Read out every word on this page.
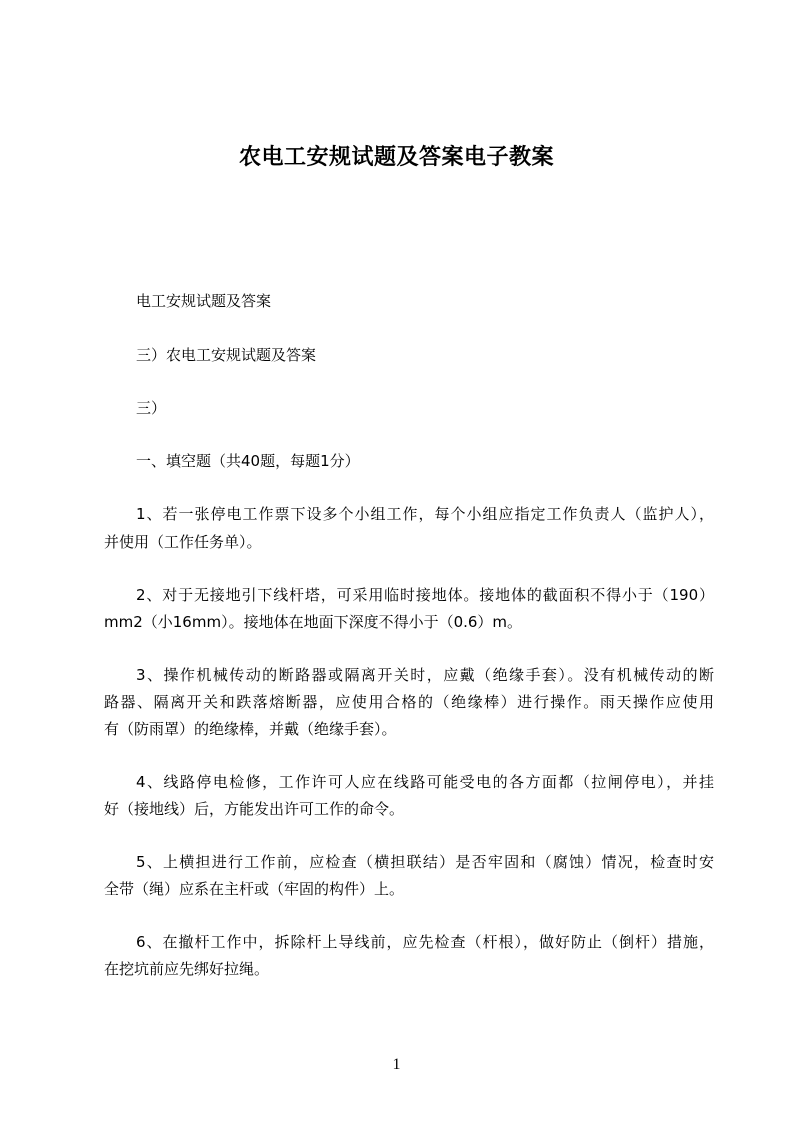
农电工安规试题及答案电子教案
电工安规试题及答案
三）农电工安规试题及答案
三）
一、填空题（共40题，每题1分）
1、若一张停电工作票下设多个小组工作，每个小组应指定工作负责人（监护人），
并使用（工作任务单）。
2、对于无接地引下线杆塔，可采用临时接地体。接地体的截面积不得小于（190）
mm2（小16mm）。接地体在地面下深度不得小于（0.6）m。
3、操作机械传动的断路器或隔离开关时，应戴（绝缘手套）。没有机械传动的断
路器、隔离开关和跌落熔断器，应使用合格的（绝缘棒）进行操作。雨天操作应使用
有（防雨罩）的绝缘棒，并戴（绝缘手套）。
4、线路停电检修，工作许可人应在线路可能受电的各方面都（拉闸停电），并挂
好（接地线）后，方能发出许可工作的命令。
5、上横担进行工作前，应检查（横担联结）是否牢固和（腐蚀）情况，检查时安
全带（绳）应系在主杆或（牢固的构件）上。
6、在撤杆工作中，拆除杆上导线前，应先检查（杆根），做好防止（倒杆）措施，
在挖坑前应先绑好拉绳。
1
